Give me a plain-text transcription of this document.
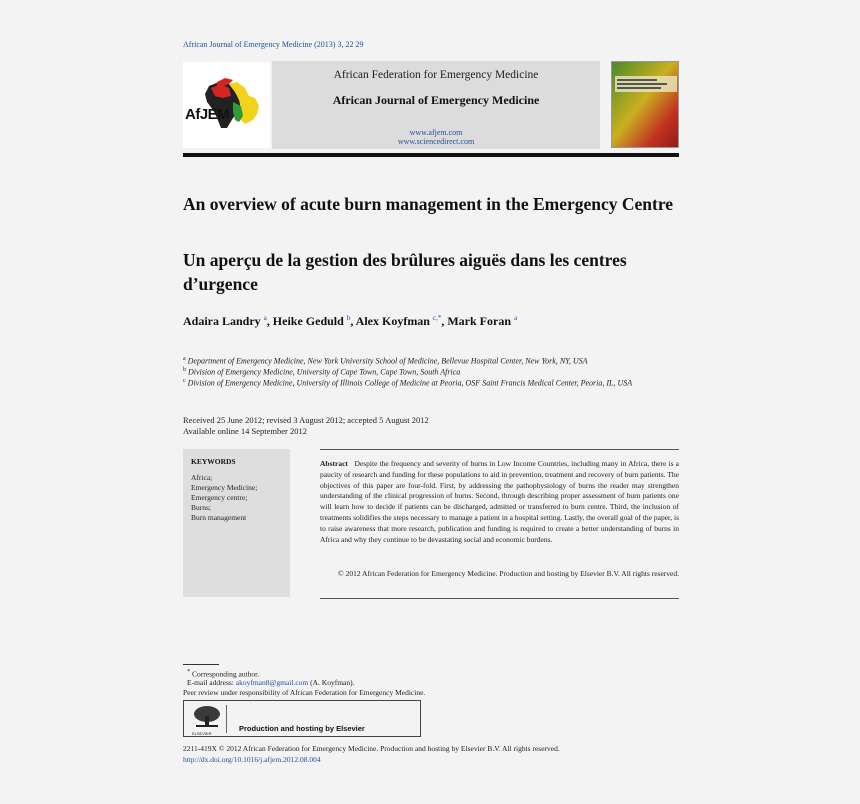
African Journal of Emergency Medicine (2013) 3, 22 29
AfJEM
African Federation for Emergency Medicine
African Journal of Emergency Medicine
www.afjem.com
www.sciencedirect.com
An overview of acute burn management in the Emergency Centre
Un aperçu de la gestion des brûlures aiguës dans les centres d’urgence
Adaira Landry $^a$, Heike Geduld $^b$, Alex Koyfman $^{c,*}$, Mark Foran $^a$
$^a$ Department of Emergency Medicine, New York University School of Medicine, Bellevue Hospital Center, New York, NY, USA
$^b$ Division of Emergency Medicine, University of Cape Town, Cape Town, South Africa
$^c$ Division of Emergency Medicine, University of Illinois College of Medicine at Peoria, OSF Saint Francis Medical Center, Peoria, IL, USA
Received 25 June 2012; revised 3 August 2012; accepted 5 August 2012
Available online 14 September 2012
KEYWORDS
Africa;
Emergency Medicine;
Emergency centre;
Burns;
Burn management
Abstract Despite the frequency and severity of burns in Low Income Countries, including many in Africa, there is a paucity of research and funding for these populations to aid in prevention, treatment and recovery of burn patients. The objectives of this paper are four-fold. First, by addressing the pathophysiology of burns the reader may strengthen understanding of the clinical progression of burns. Second, through describing proper assessment of burn patients one will learn how to decide if patients can be discharged, admitted or transferred to burn centre. Third, the inclusion of treatments solidifies the steps necessary to manage a patient in a hospital setting. Lastly, the overall goal of the paper, is to raise awareness that more research, publication and funding is required to create a better understanding of burns in Africa and why they continue to be devastating social and economic burdens.
© 2012 African Federation for Emergency Medicine. Production and hosting by Elsevier B.V. All rights reserved.
* Corresponding author.
E-mail address: akoyfman8@gmail.com (A. Koyfman).
Peer review under responsibility of African Federation for Emergency Medicine.
ELSEVIER
Production and hosting by Elsevier
2211-419X © 2012 African Federation for Emergency Medicine. Production and hosting by Elsevier B.V. All rights reserved.
http://dx.doi.org/10.1016/j.afjem.2012.08.004
